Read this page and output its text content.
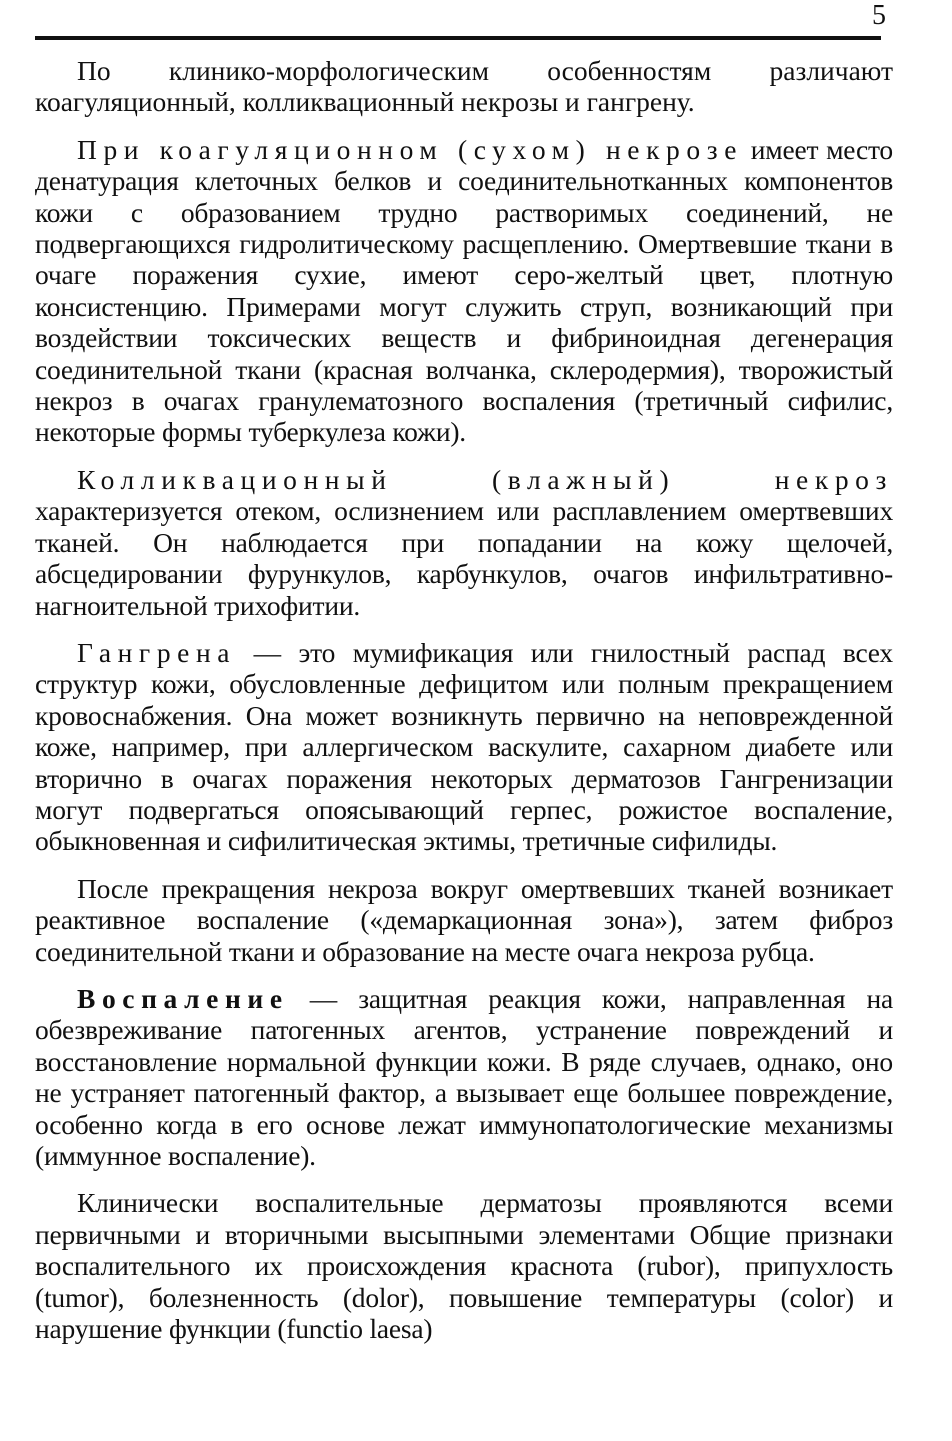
5

По клинико-морфологическим особенностям различают коагуляционный, колликвационный некрозы и гангрену.

При коагуляционном (сухом) некрозе имеет место денатурация клеточных белков и соединительнотканных компонентов кожи с образованием трудно растворимых соединений, не подвергающихся гидролитическому расщеплению. Омертвевшие ткани в очаге поражения сухие, имеют серо-желтый цвет, плотную консистенцию. Примерами могут служить струп, возникающий при воздействии токсических веществ и фибриноидная дегенерация соединительной ткани (красная волчанка, склеродермия), творожистый некроз в очагах гранулематозного воспаления (третичный сифилис, некоторые формы туберкулеза кожи).

Колликвационный (влажный) некроз характеризуется отеком, ослизнением или расплавлением омертвевших тканей. Он наблюдается при попадании на кожу щелочей, абсцедировании фурункулов, карбункулов, очагов инфильтративно-нагноительной трихофитии.

Гангрена — это мумификация или гнилостный распад всех структур кожи, обусловленные дефицитом или полным прекращением кровоснабжения. Она может возникнуть первично на неповрежденной коже, например, при аллергическом васкулите, сахарном диабете или вторично в очагах поражения некоторых дерматозов Гангренизации могут подвергаться опоясывающий герпес, рожистое воспаление, обыкновенная и сифилитическая эктимы, третичные сифилиды.

После прекращения некроза вокруг омертвевших тканей возникает реактивное воспаление («демаркационная зона»), затем фиброз соединительной ткани и образование на месте очага некроза рубца.

Воспаление — защитная реакция кожи, направленная на обезвреживание патогенных агентов, устранение повреждений и восстановление нормальной функции кожи. В ряде случаев, однако, оно не устраняет патогенный фактор, а вызывает еще большее повреждение, особенно когда в его основе лежат иммунопатологические механизмы (иммунное воспаление).

Клинически воспалительные дерматозы проявляются всеми первичными и вторичными высыпными элементами Общие признаки воспалительного их происхождения краснота (rubor), припухлость (tumor), болезненность (dolor), повышение температуры (color) и нарушение функции (functio laesa)
